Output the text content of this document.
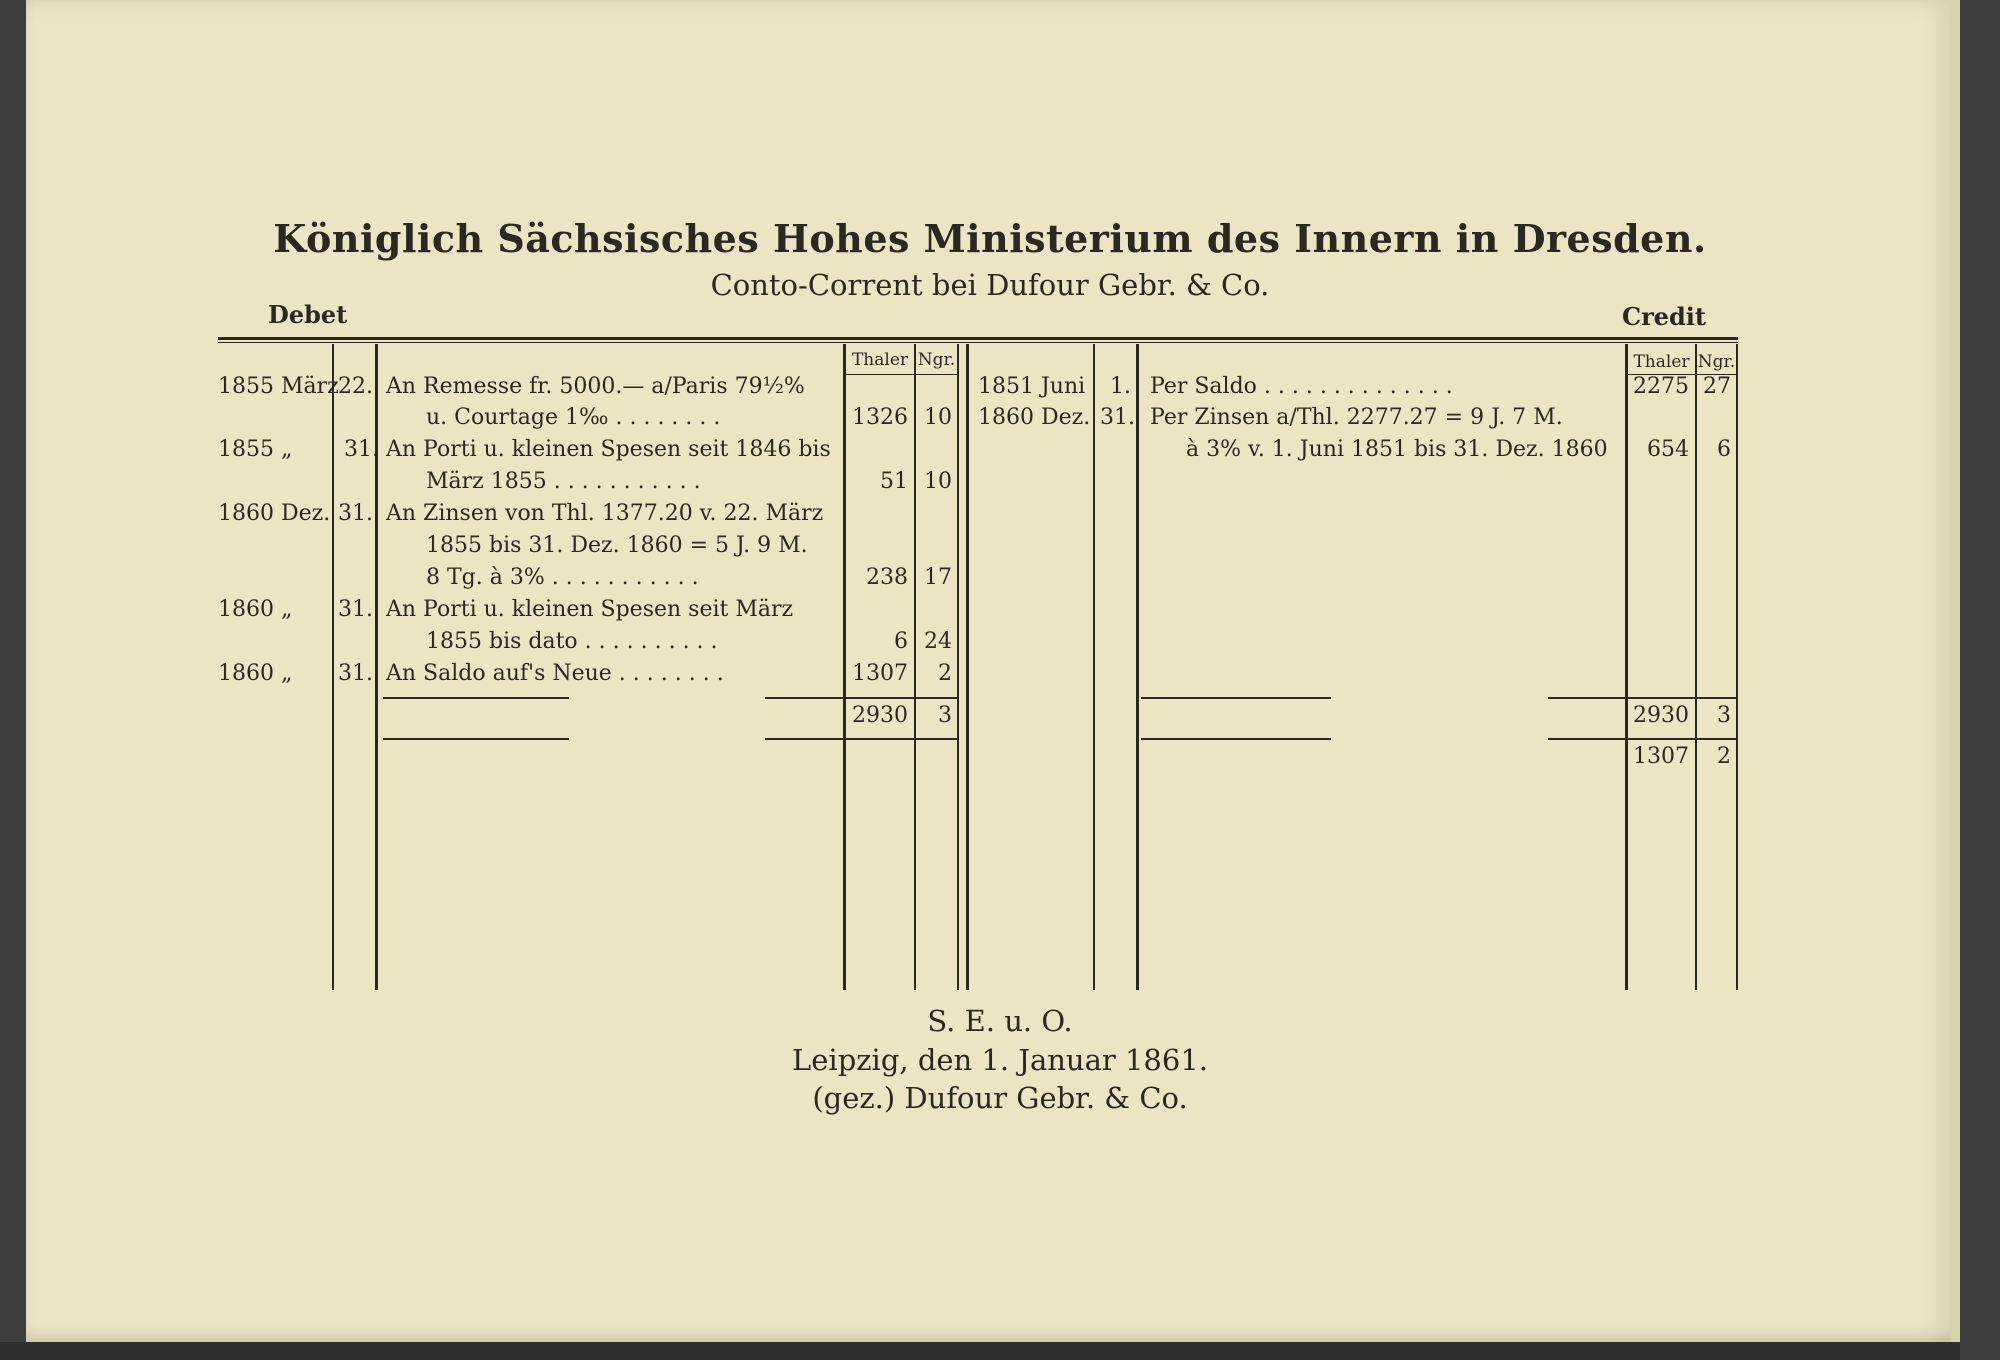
Königlich Sächsisches Hohes Ministerium des Innern in Dresden.
Conto-Corrent bei Dufour Gebr. & Co.
Debet	Credit
Thaler Ngr.	Thaler Ngr.
1855 März 22. An Remesse fr. 5000.— a/Paris 79½%
u. Courtage 1‰ . . . . . . . .	1326 10
1855 „ 31. An Porti u. kleinen Spesen seit 1846 bis
März 1855 . . . . . . . . . . .	51 10
1860 Dez. 31. An Zinsen von Thl. 1377.20 v. 22. März
1855 bis 31. Dez. 1860 = 5 J. 9 M.
8 Tg. à 3% . . . . . . . . . . .	238 17
1860 „ 31. An Porti u. kleinen Spesen seit März
1855 bis dato . . . . . . . . . .	6 24
1860 „ 31. An Saldo auf's Neue . . . . . . . .	1307	2
2930	3
1851 Juni 1. Per Saldo . . . . . . . . . . . . . .	2275 27
1860 Dez. 31. Per Zinsen a/Thl. 2277.27 = 9 J. 7 M.
à 3% v. 1. Juni 1851 bis 31. Dez. 1860	654	6
2930	3
1307	2
S. E. u. O.
Leipzig, den 1. Januar 1861.
(gez.) Dufour Gebr. & Co.
